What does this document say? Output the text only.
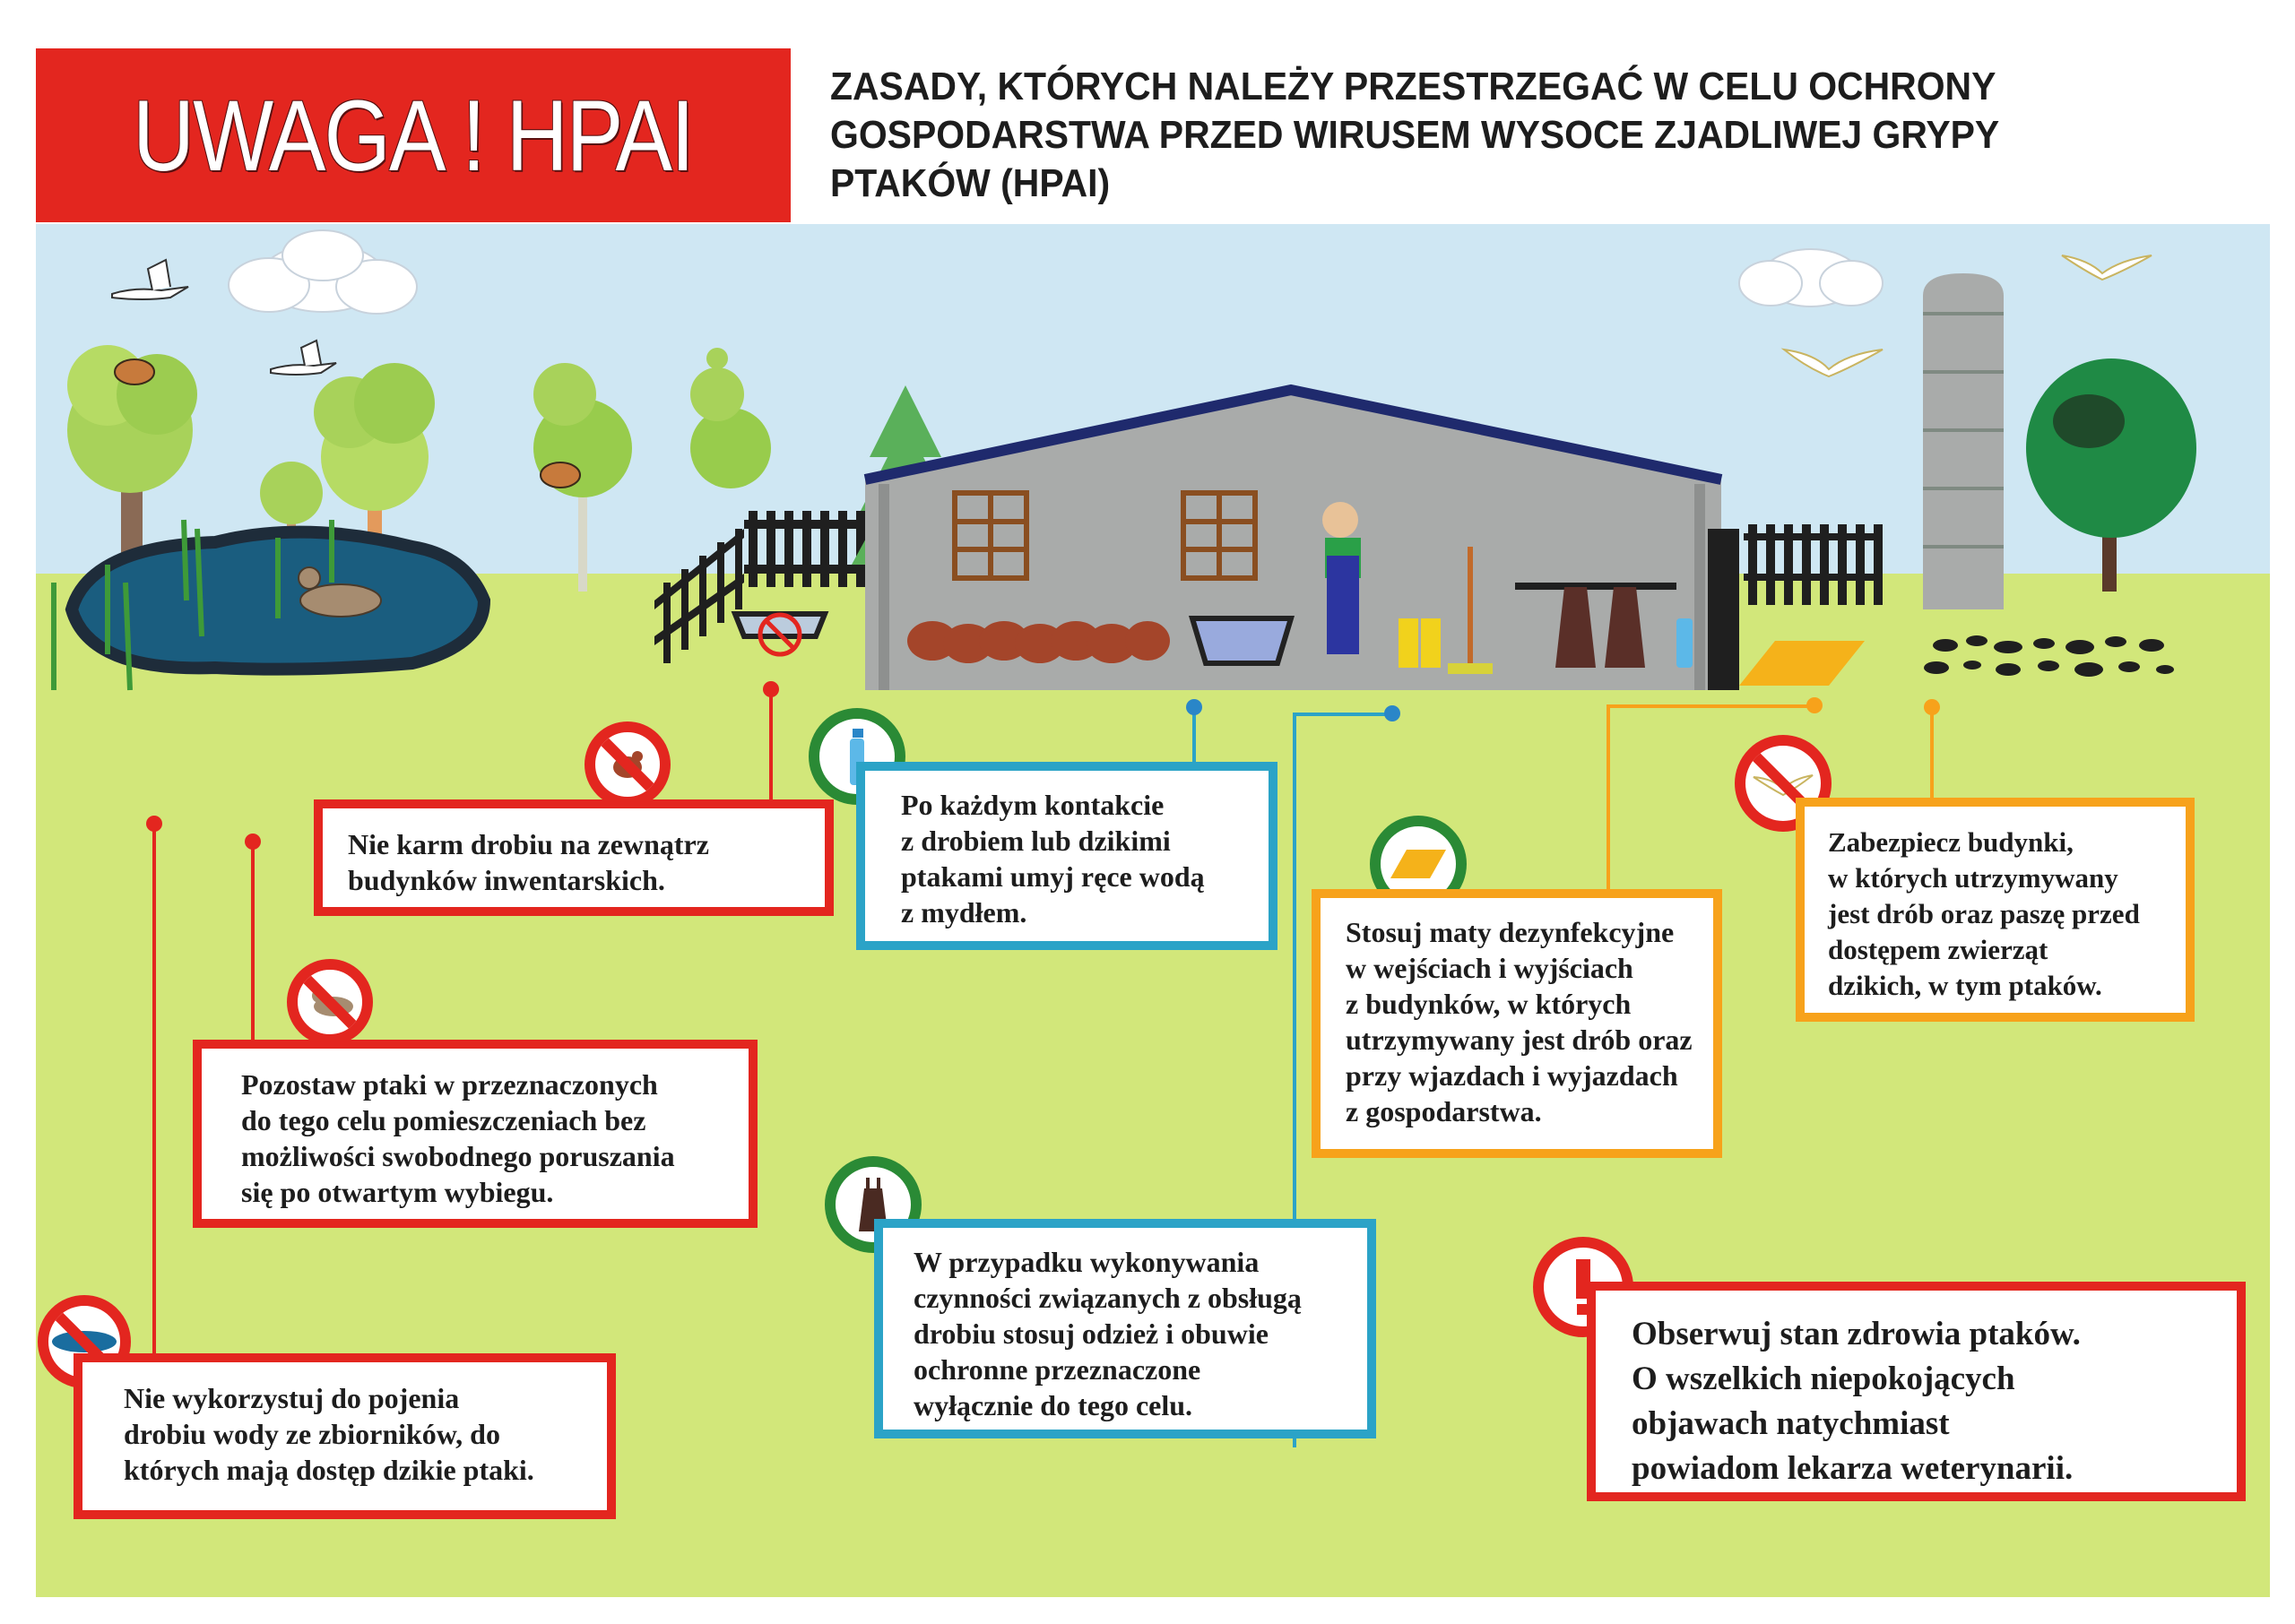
UWAGA ! HPAI	ZASADY, KTÓRYCH NALEŻY PRZESTRZEGAĆ W CELU OCHRONY
GOSPODARSTWA PRZED WIRUSEM WYSOCE ZJADLIWEJ GRYPY
PTAKÓW (HPAI)

Nie karm drobiu na zewnątrz

budynków inwentarskich.

Pozostaw ptaki w przeznaczonych

do tego celu pomieszczeniach bez

możliwości swobodnego poruszania

się po otwartym wybiegu.

Nie wykorzystuj do pojenia

drobiu wody ze zbiorników, do

których mają dostęp dzikie ptaki.

Po każdym kontakcie

z drobiem lub dzikimi

ptakami umyj ręce wodą

z mydłem.

W przypadku wykonywania

czynności związanych z obsługą

drobiu stosuj odzież i obuwie

ochronne przeznaczone

wyłącznie do tego celu.

Stosuj maty dezynfekcyjne

w wejściach i wyjściach

z budynków, w których

utrzymywany jest drób oraz

przy wjazdach i wyjazdach

z gospodarstwa.

Zabezpiecz budynki,

w których utrzymywany

jest drób oraz paszę przed

dostępem zwierząt

dzikich, w tym ptaków.

Obserwuj stan zdrowia ptaków.

O wszelkich niepokojących

objawach natychmiast

powiadom lekarza weterynarii.
